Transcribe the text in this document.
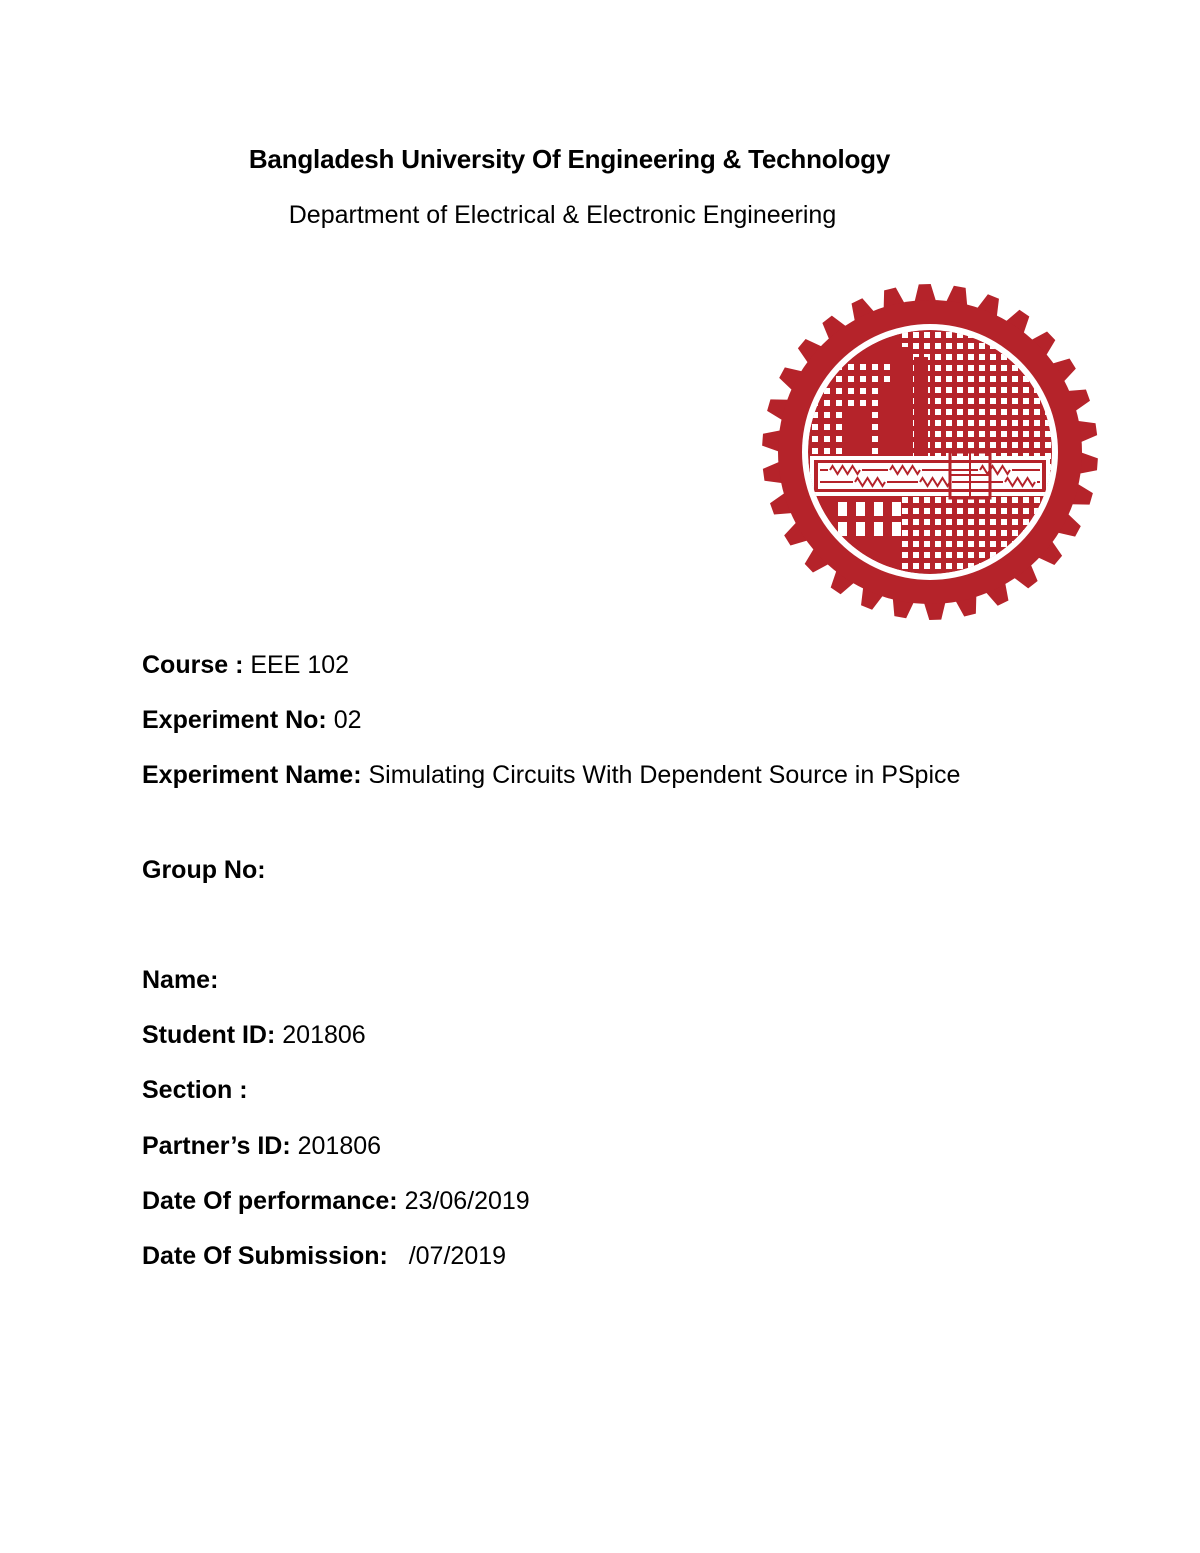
Bangladesh University Of Engineering & Technology
Department of Electrical & Electronic Engineering
Course : EEE 102
Experiment No: 02
Experiment Name: Simulating Circuits With Dependent Source in PSpice
Group No:
Name:
Student ID: 201806
Section :
Partner’s ID: 201806
Date Of performance: 23/06/2019
Date Of Submission:   /07/2019
